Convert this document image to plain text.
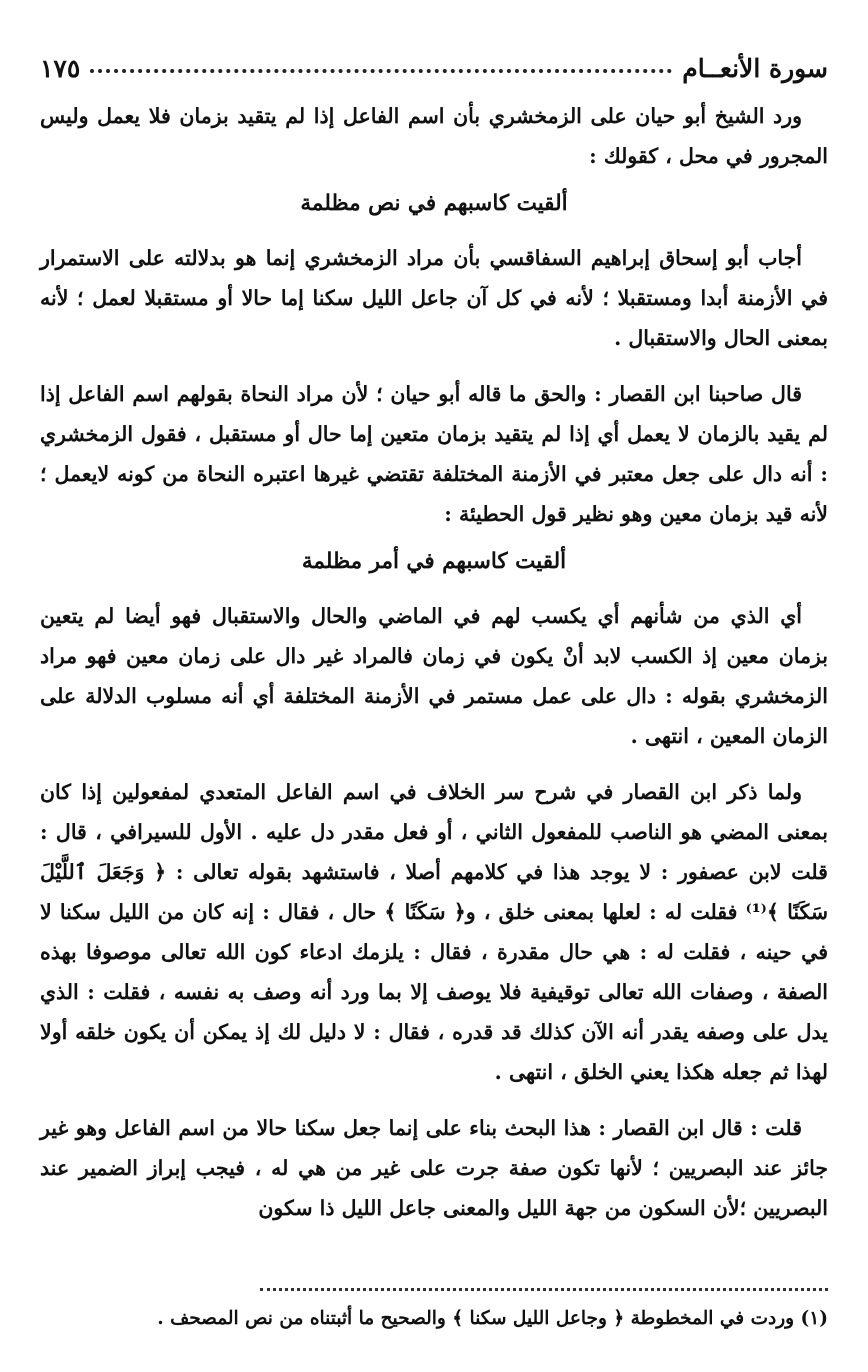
سورة الأنعــام
١٧٥

ورد الشيخ أبو حيان على الزمخشري بأن اسم الفاعل إذا لم يتقيد بزمان فلا يعمل وليس المجرور في محل ، كقولك :

ألقيت كاسبهم في نص مظلمة

أجاب أبو إسحاق إبراهيم السفاقسي بأن مراد الزمخشري إنما هو بدلالته على الاستمرار في الأزمنة أبدا ومستقبلا ؛ لأنه في كل آن جاعل الليل سكنا إما حالا أو مستقبلا لعمل ؛ لأنه بمعنى الحال والاستقبال .

قال صاحبنا ابن القصار : والحق ما قاله أبو حيان ؛ لأن مراد النحاة بقولهم اسم الفاعل إذا لم يقيد بالزمان لا يعمل أي إذا لم يتقيد بزمان متعين إما حال أو مستقبل ، فقول الزمخشري : أنه دال على جعل معتبر في الأزمنة المختلفة تقتضي غيرها اعتبره النحاة من كونه لايعمل ؛ لأنه قيد بزمان معين وهو نظير قول الحطيئة :

ألقيت كاسبهم في أمر مظلمة

أي الذي من شأنهم أي يكسب لهم في الماضي والحال والاستقبال فهو أيضا لم يتعين بزمان معين إذ الكسب لابد أنْ يكون في زمان فالمراد غير دال على زمان معين فهو مراد الزمخشري بقوله : دال على عمل مستمر في الأزمنة المختلفة أي أنه مسلوب الدلالة على الزمان المعين ، انتهى .

ولما ذكر ابن القصار في شرح سر الخلاف في اسم الفاعل المتعدي لمفعولين إذا كان بمعنى المضي هو الناصب للمفعول الثاني ، أو فعل مقدر دل عليه . الأول للسيرافي ، قال : قلت لابن عصفور : لا يوجد هذا في كلامهم أصلا ، فاستشهد بقوله تعالى : ﴿ وَجَعَلَ ٱللَّيْلَ سَكَنًا ﴾⁽¹⁾ فقلت له : لعلها بمعنى خلق ، و﴿ سَكَنًا ﴾ حال ، فقال : إنه كان من الليل سكنا لا في حينه ، فقلت له : هي حال مقدرة ، فقال : يلزمك ادعاء كون الله تعالى موصوفا بهذه الصفة ، وصفات الله تعالى توقيفية فلا يوصف إلا بما ورد أنه وصف به نفسه ، فقلت : الذي يدل على وصفه يقدر أنه الآن كذلك قد قدره ، فقال : لا دليل لك إذ يمكن أن يكون خلقه أولا لهذا ثم جعله هكذا يعني الخلق ، انتهى .

قلت : قال ابن القصار : هذا البحث بناء على إنما جعل سكنا حالا من اسم الفاعل وهو غير جائز عند البصريين ؛ لأنها تكون صفة جرت على غير من هي له ، فيجب إبراز الضمير عند البصريين ؛لأن السكون من جهة الليل والمعنى جاعل الليل ذا سكون

(١) وردت في المخطوطة ﴿ وجاعل الليل سكنا ﴾ والصحيح ما أثبتناه من نص المصحف .
